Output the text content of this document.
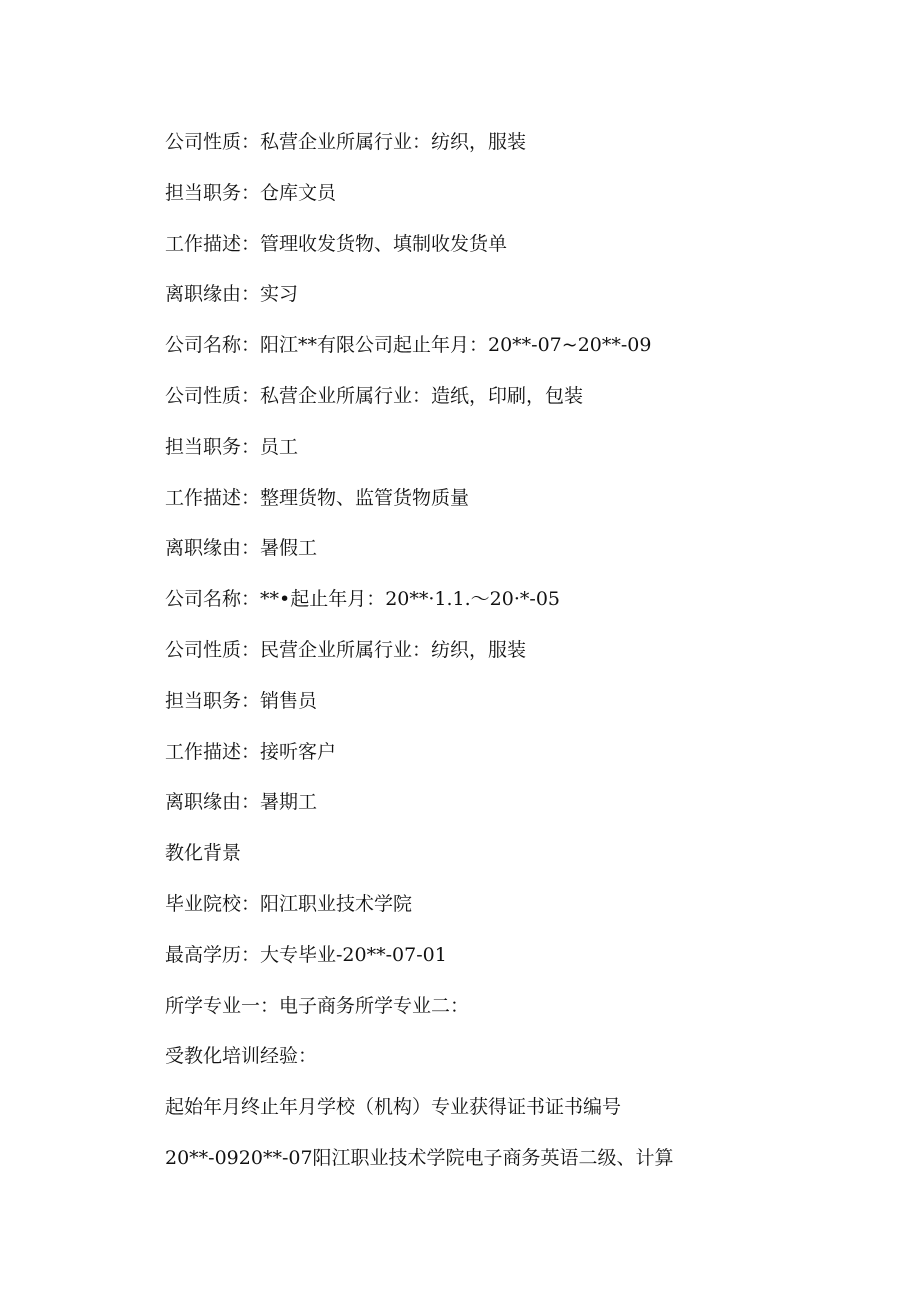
公司性质：私营企业所属行业：纺织，服装
担当职务：仓库文员
工作描述：管理收发货物、填制收发货单
离职缘由：实习
公司名称：阳江**有限公司起止年月：20**-07~20**-09
公司性质：私营企业所属行业：造纸，印刷，包装
担当职务：员工
工作描述：整理货物、监管货物质量
离职缘由：暑假工
公司名称：**•起止年月：20**·1.1.～20·*-05
公司性质：民营企业所属行业：纺织，服装
担当职务：销售员
工作描述：接听客户
离职缘由：暑期工
教化背景
毕业院校：阳江职业技术学院
最高学历：大专毕业-20**-07-01
所学专业一：电子商务所学专业二：
受教化培训经验：
起始年月终止年月学校（机构）专业获得证书证书编号
20**-0920**-07阳江职业技术学院电子商务英语二级、计算
